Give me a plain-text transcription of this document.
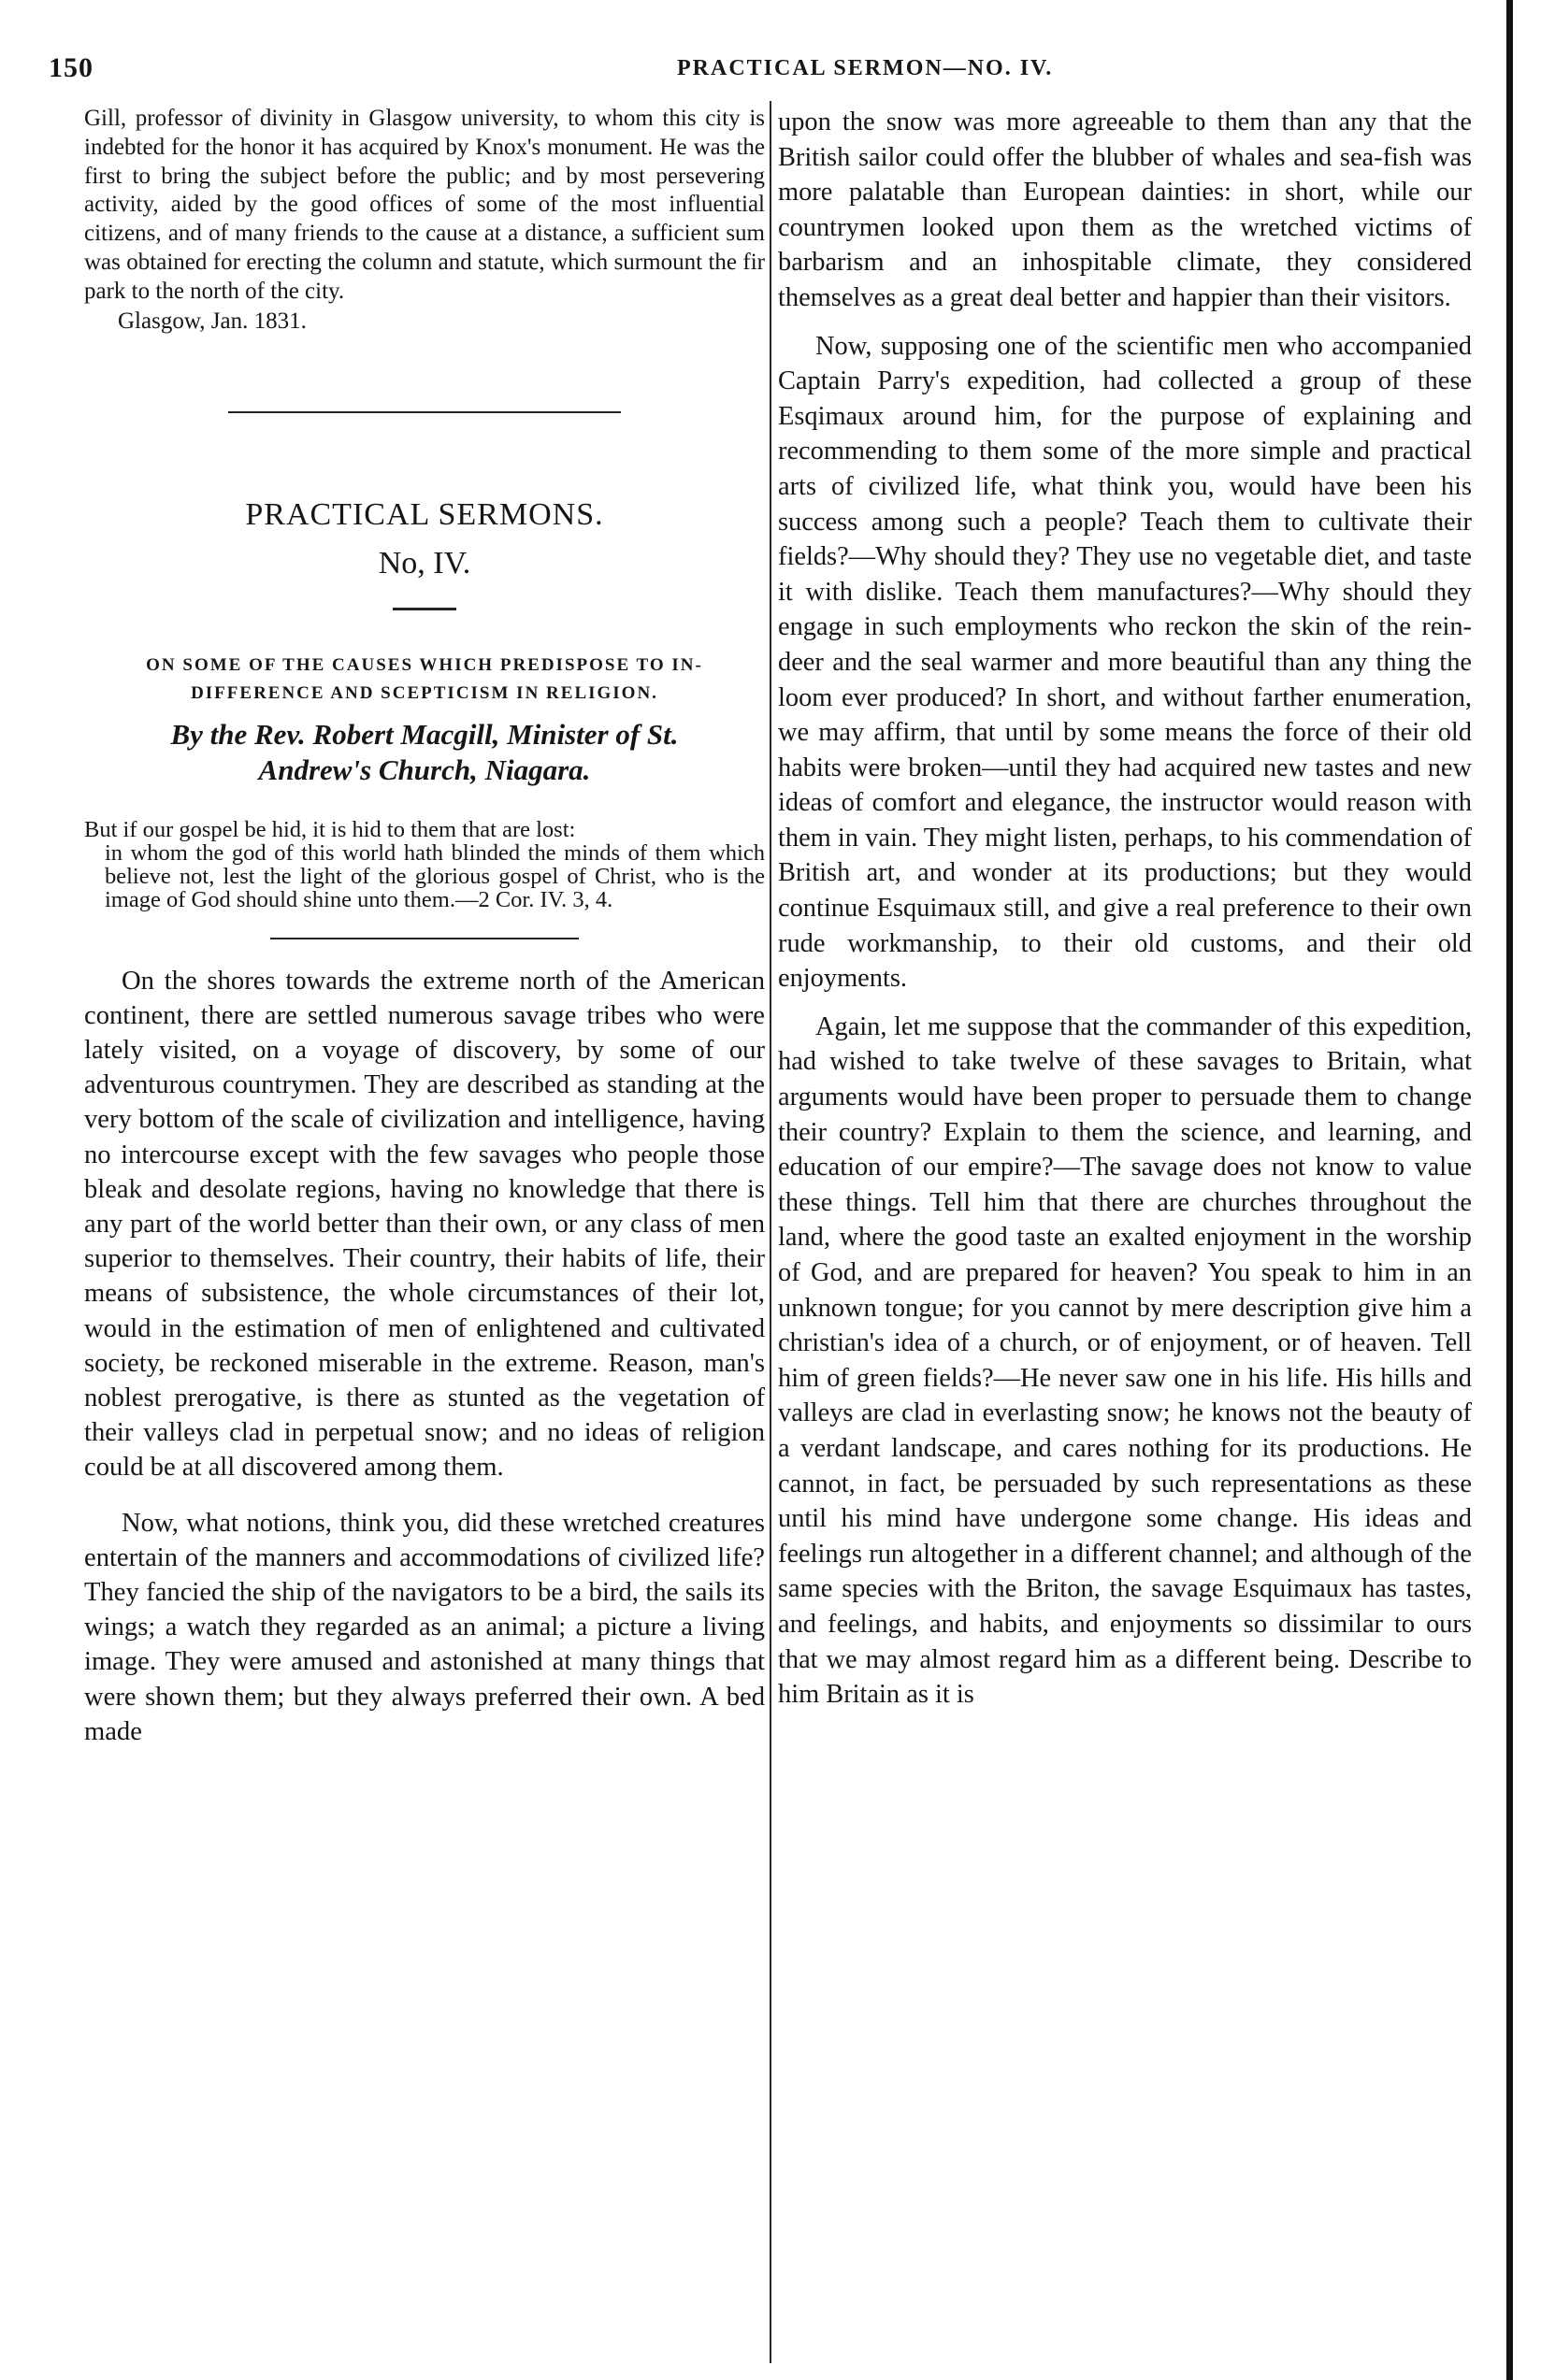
150	PRACTICAL SERMON—NO. IV.

Gill, professor of divinity in Glasgow university, to whom this city is indebted for the honor it has acquired by Knox's monument. He was the first to bring the subject before the public; and by most persevering activity, aided by the good offices of some of the most influential citizens, and of many friends to the cause at a distance, a sufficient sum was obtained for erecting the column and statute, which surmount the fir park to the north of the city.

Glasgow, Jan. 1831.
PRACTICAL SERMONS.
No, IV.
ON SOME OF THE CAUSES WHICH PREDISPOSE TO IN-
DIFFERENCE AND SCEPTICISM IN RELIGION.
By the Rev. Robert Macgill, Minister of St.
Andrew's Church, Niagara.
But if our gospel be hid, it is hid to them that are lost:
in whom the god of this world hath blinded the minds of them which believe not, lest the light of the glorious gospel of Christ, who is the image of God should shine unto them.—2 Cor. IV. 3, 4.

On the shores towards the extreme north of the American continent, there are settled numerous savage tribes who were lately visited, on a voyage of discovery, by some of our adventurous countrymen. They are described as standing at the very bottom of the scale of civilization and intelligence, having no intercourse except with the few savages who people those bleak and desolate regions, having no knowledge that there is any part of the world better than their own, or any class of men superior to themselves. Their country, their habits of life, their means of subsistence, the whole circumstances of their lot, would in the estimation of men of enlightened and cultivated society, be reckoned miserable in the extreme. Reason, man's noblest prerogative, is there as stunted as the vegetation of their valleys clad in perpetual snow; and no ideas of religion could be at all discovered among them.

Now, what notions, think you, did these wretched creatures entertain of the manners and accommodations of civilized life? They fancied the ship of the navigators to be a bird, the sails its wings; a watch they regarded as an animal; a picture a living image. They were amused and astonished at many things that were shown them; but they always preferred their own. A bed made

upon the snow was more agreeable to them than any that the British sailor could offer the blubber of whales and sea-fish was more palatable than European dainties: in short, while our countrymen looked upon them as the wretched victims of barbarism and an inhospitable climate, they considered themselves as a great deal better and happier than their visitors.

Now, supposing one of the scientific men who accompanied Captain Parry's expedition, had collected a group of these Esqimaux around him, for the purpose of explaining and recommending to them some of the more simple and practical arts of civilized life, what think you, would have been his success among such a people? Teach them to cultivate their fields?—Why should they? They use no vegetable diet, and taste it with dislike. Teach them manufactures?—Why should they engage in such employments who reckon the skin of the rein-deer and the seal warmer and more beautiful than any thing the loom ever produced? In short, and without farther enumeration, we may affirm, that until by some means the force of their old habits were broken—until they had acquired new tastes and new ideas of comfort and elegance, the instructor would reason with them in vain. They might listen, perhaps, to his commendation of British art, and wonder at its productions; but they would continue Esquimaux still, and give a real preference to their own rude workmanship, to their old customs, and their old enjoyments.

Again, let me suppose that the commander of this expedition, had wished to take twelve of these savages to Britain, what arguments would have been proper to persuade them to change their country? Explain to them the science, and learning, and education of our empire?—The savage does not know to value these things. Tell him that there are churches throughout the land, where the good taste an exalted enjoyment in the worship of God, and are prepared for heaven? You speak to him in an unknown tongue; for you cannot by mere description give him a christian's idea of a church, or of enjoyment, or of heaven. Tell him of green fields?—He never saw one in his life. His hills and valleys are clad in everlasting snow; he knows not the beauty of a verdant landscape, and cares nothing for its productions. He cannot, in fact, be persuaded by such representations as these until his mind have undergone some change. His ideas and feelings run altogether in a different channel; and although of the same species with the Briton, the savage Esquimaux has tastes, and feelings, and habits, and enjoyments so dissimilar to ours that we may almost regard him as a different being. Describe to him Britain as it is
